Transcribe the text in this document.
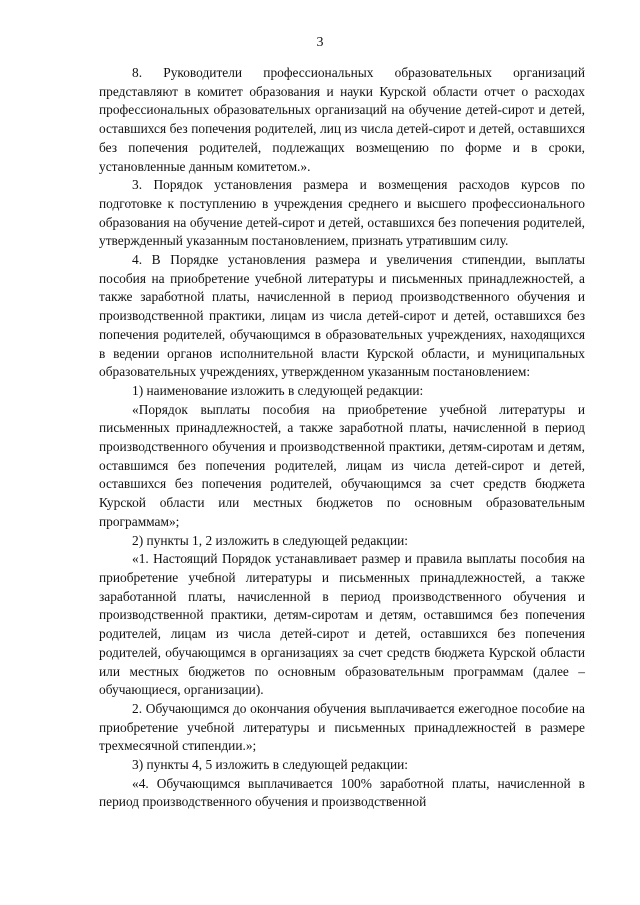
3

8. Руководители профессиональных образовательных организаций представляют в комитет образования и науки Курской области отчет о расходах профессиональных образовательных организаций на обучение детей-сирот и детей, оставшихся без попечения родителей, лиц из числа детей-сирот и детей, оставшихся без попечения родителей, подлежащих возмещению по форме и в сроки, установленные данным комитетом.».

3. Порядок установления размера и возмещения расходов курсов по подготовке к поступлению в учреждения среднего и высшего профессионального образования на обучение детей-сирот и детей, оставшихся без попечения родителей, утвержденный указанным постановлением, признать утратившим силу.

4. В Порядке установления размера и увеличения стипендии, выплаты пособия на приобретение учебной литературы и письменных принадлежностей, а также заработной платы, начисленной в период производственного обучения и производственной практики, лицам из числа детей-сирот и детей, оставшихся без попечения родителей, обучающимся в образовательных учреждениях, находящихся в ведении органов исполнительной власти Курской области, и муниципальных образовательных учреждениях, утвержденном указанным постановлением:

1) наименование изложить в следующей редакции:

«Порядок выплаты пособия на приобретение учебной литературы и письменных принадлежностей, а также заработной платы, начисленной в период производственного обучения и производственной практики, детям-сиротам и детям, оставшимся без попечения родителей, лицам из числа детей-сирот и детей, оставшихся без попечения родителей, обучающимся за счет средств бюджета Курской области или местных бюджетов по основным образовательным программам»;

2) пункты 1, 2 изложить в следующей редакции:

«1. Настоящий Порядок устанавливает размер и правила выплаты пособия на приобретение учебной литературы и письменных принадлежностей, а также заработанной платы, начисленной в период производственного обучения и производственной практики, детям-сиротам и детям, оставшимся без попечения родителей, лицам из числа детей-сирот и детей, оставшихся без попечения родителей, обучающимся в организациях за счет средств бюджета Курской области или местных бюджетов по основным образовательным программам (далее – обучающиеся, организации).

2. Обучающимся до окончания обучения выплачивается ежегодное пособие на приобретение учебной литературы и письменных принадлежностей в размере трехмесячной стипендии.»;

3) пункты 4, 5 изложить в следующей редакции:

«4. Обучающимся выплачивается 100% заработной платы, начисленной в период производственного обучения и производственной
